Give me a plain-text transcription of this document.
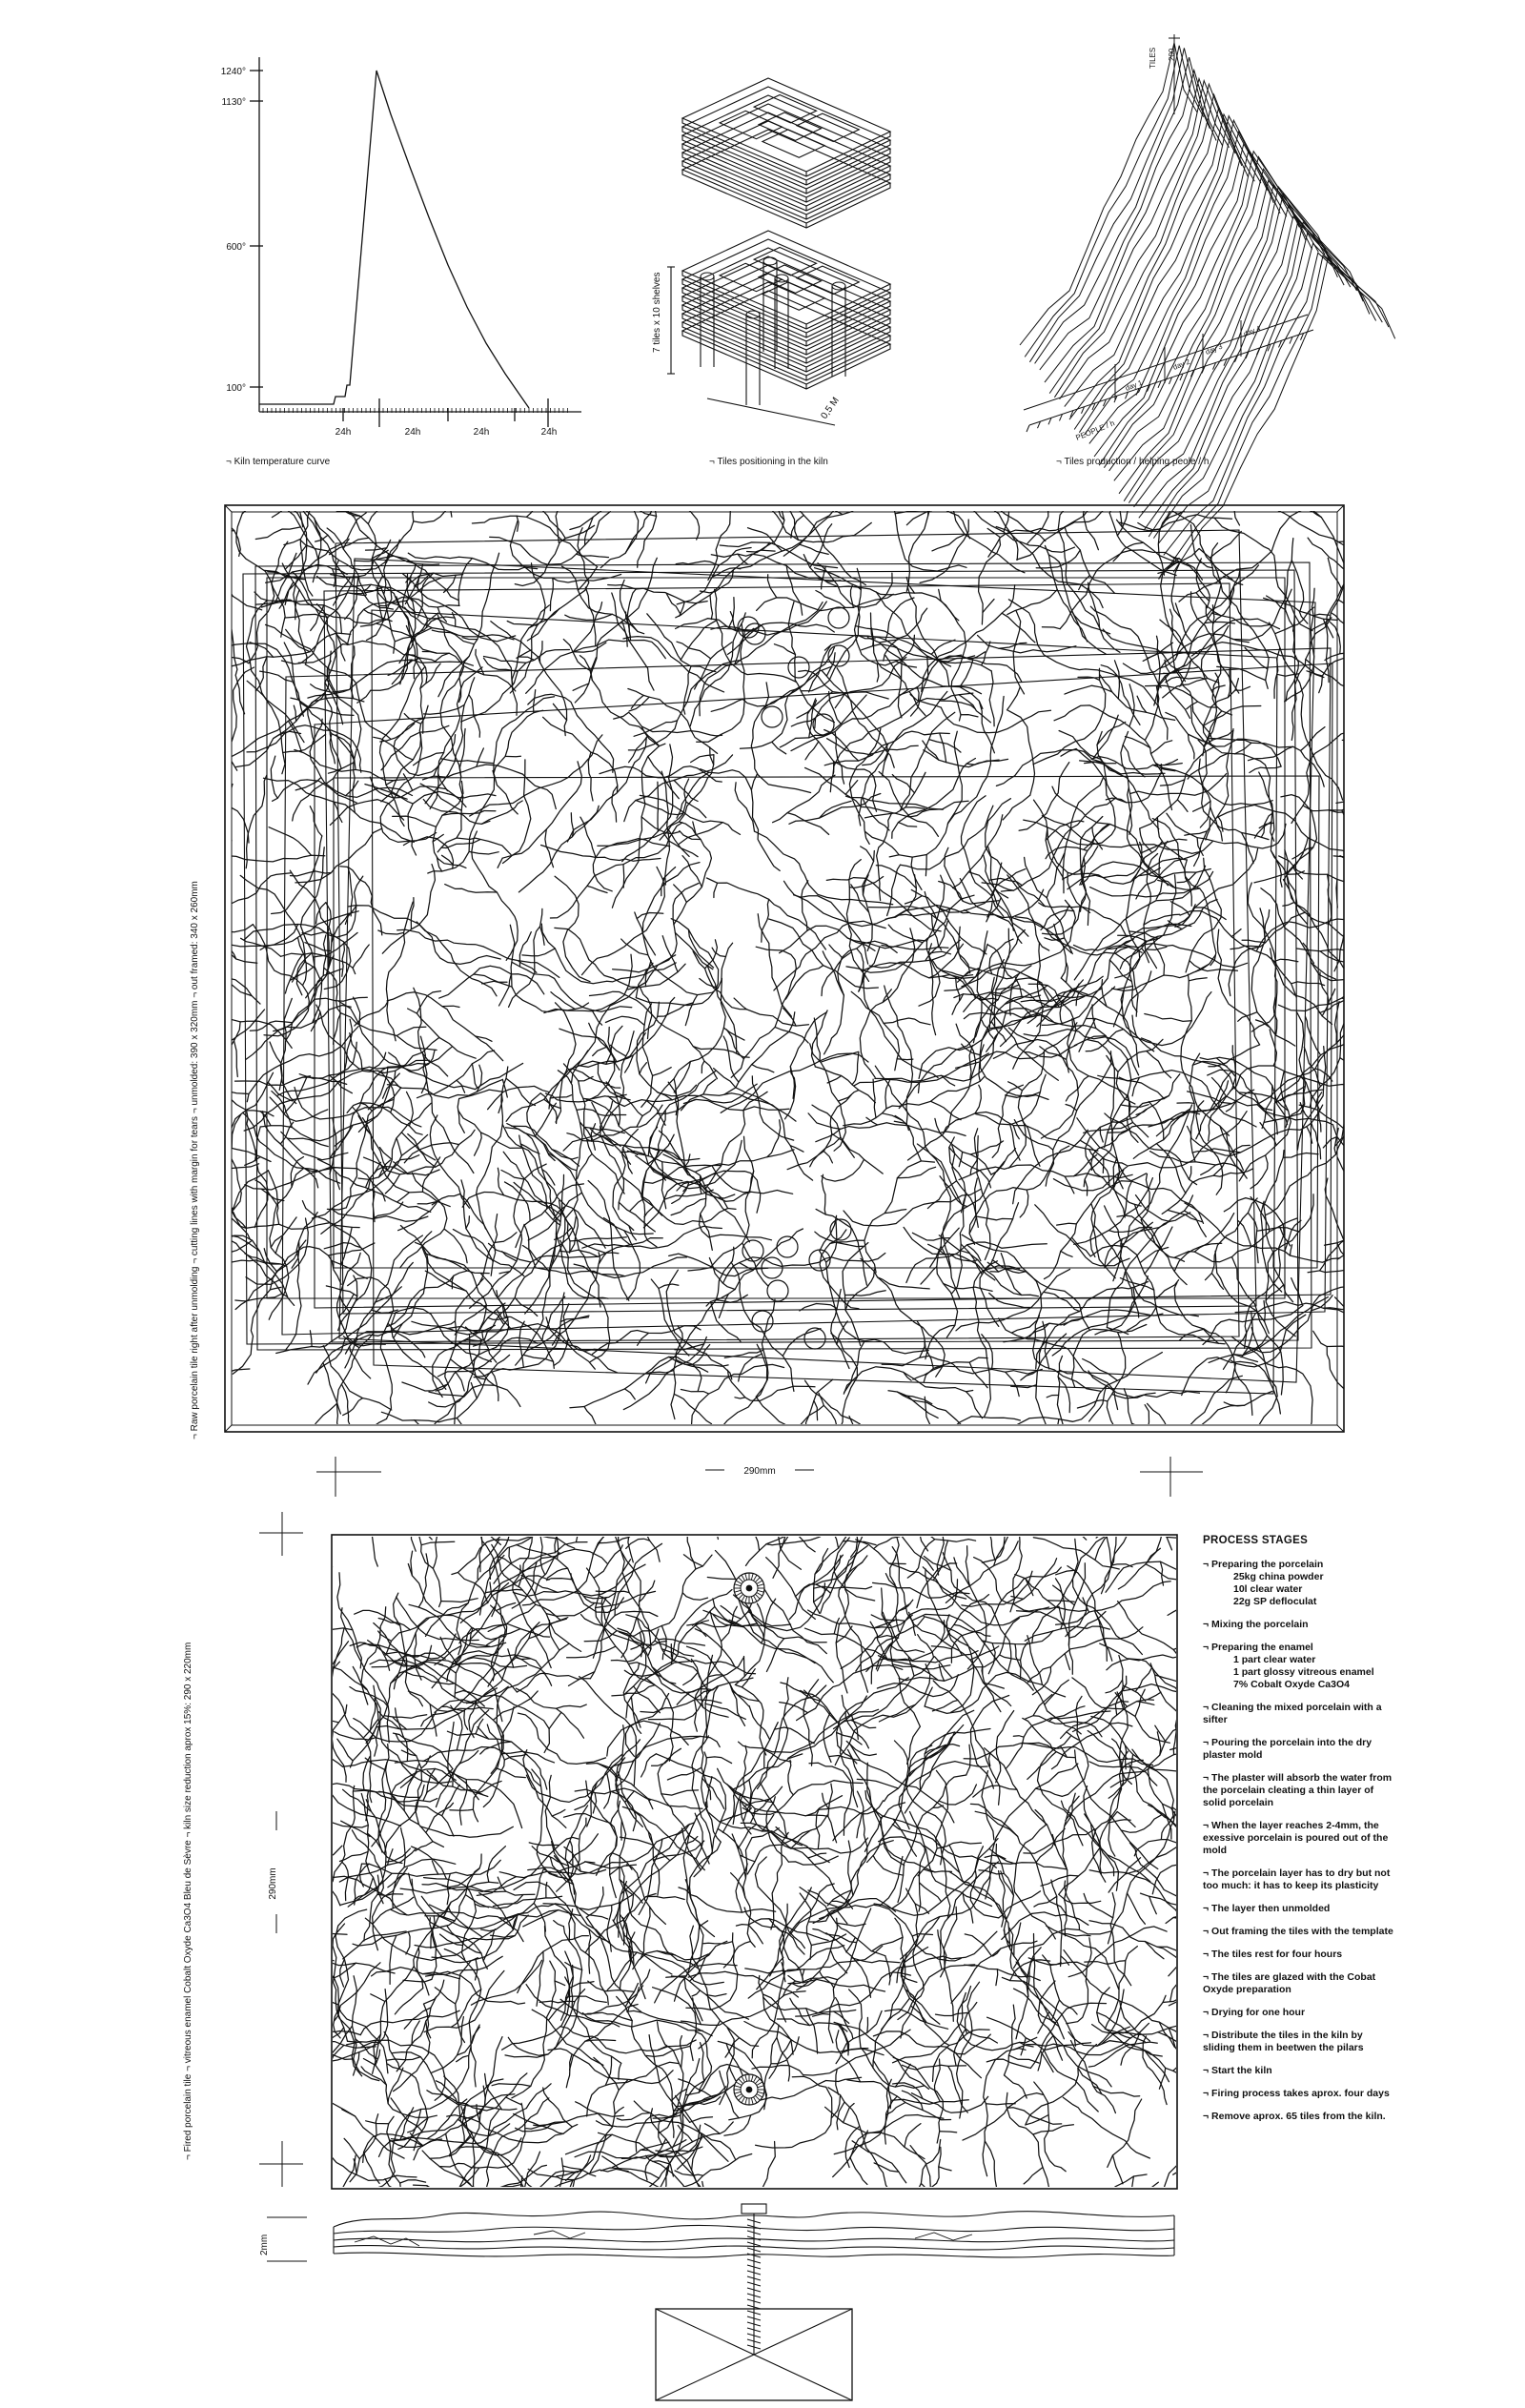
1240°
1130°
600°
100°
24h	24h	24h	24h
¬ Kiln temperature curve
7 tiles x 10 shelves
0,5 M
¬ Tiles positioning in the kiln
TILES 200
PEOPLE / h
day 1
day 2
day 3
day 4
¬ Tiles production / helping peole / h
¬ Raw porcelain tile right after unmolding ¬ cutting lines with margin for tears ¬ unmolded: 390 x 320mm ¬ out framed: 340 x 260mm
290mm
¬ Fired porcelain tile ¬ vitreous enamel Cobalt Oxyde Ca3O4 Bleu de Sèvre ¬ kiln size reduction aprox 15%: 290 x 220mm	290mm
2mm
PROCESS STAGES
¬ Preparing the porcelain
25kg china powder
10l clear water
22g SP defloculat
¬ Mixing the porcelain
¬ Preparing the enamel
1 part clear water
1 part glossy vitreous enamel
7% Cobalt Oxyde Ca3O4
¬ Cleaning the mixed porcelain with a sifter
¬ Pouring the porcelain into the dry plaster mold
¬ The plaster will absorb the water from the porcelain cleating a thin layer of solid porcelain
¬ When the layer reaches 2-4mm, the exessive porcelain is poured out of the mold
¬ The porcelain layer has to dry but not too much: it has to keep its plasticity
¬ The layer then unmolded
¬ Out framing the tiles with the template
¬ The tiles rest for four hours
¬ The tiles are glazed with the Cobat Oxyde preparation
¬ Drying for one hour
¬ Distribute the tiles in the kiln by sliding them in beetwen the pilars
¬ Start the kiln
¬ Firing process takes aprox. four days
¬ Remove aprox. 65 tiles from the kiln.
